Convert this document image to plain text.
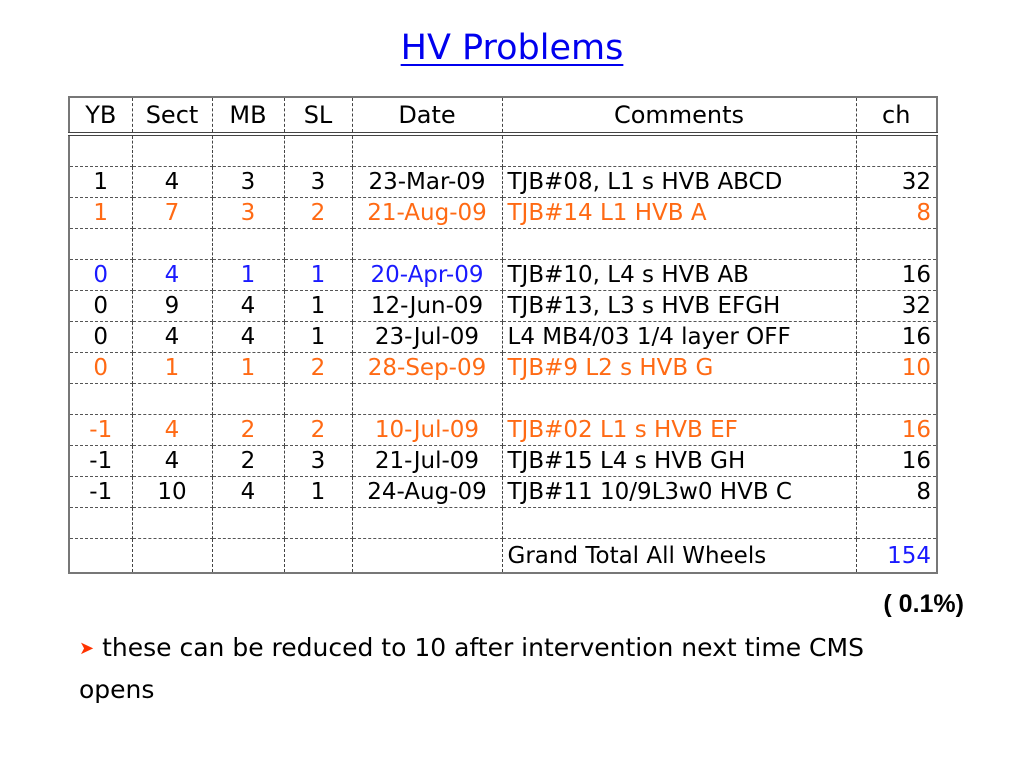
HV Problems
YB	Sect	MB	SL	Date	Comments	ch

1	4	3	3	23-Mar-09	TJB#08, L1 s HVB ABCD	32
1	7	3	2	21-Aug-09	TJB#14 L1 HVB A	8

0	4	1	1	20-Apr-09	TJB#10, L4 s HVB AB	16
0	9	4	1	12-Jun-09	TJB#13, L3 s HVB EFGH	32
0	4	4	1	23-Jul-09	L4 MB4/03 1/4 layer OFF	16
0	1	1	2	28-Sep-09	TJB#9 L2 s HVB G	10

-1	4	2	2	10-Jul-09	TJB#02 L1 s HVB EF	16
-1	4	2	3	21-Jul-09	TJB#15 L4 s HVB GH	16
-1	10	4	1	24-Aug-09	TJB#11 10/9L3w0 HVB C	8

					Grand Total All Wheels	154
( 0.1%)
➤ these can be reduced to 10 after intervention next time CMS opens
